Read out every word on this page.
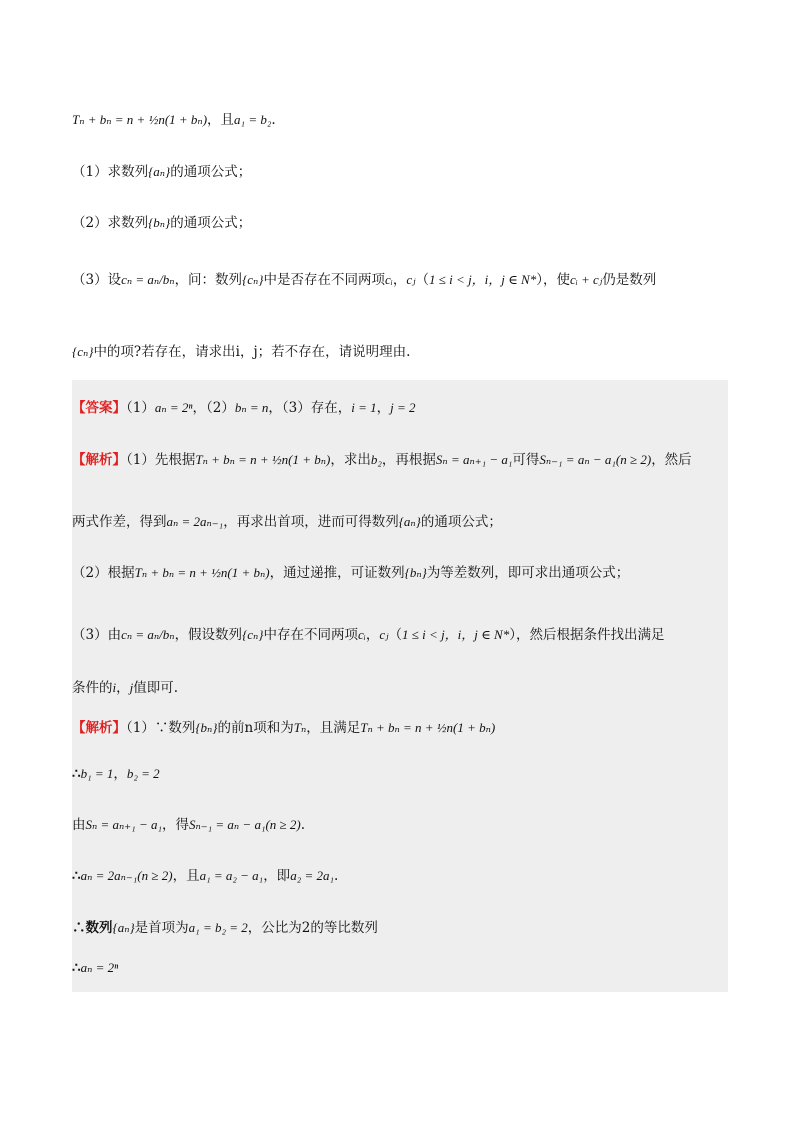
Tₙ + bₙ = n + ½n(1 + bₙ)，且a₁ = b₂.
（1）求数列{aₙ}的通项公式；
（2）求数列{bₙ}的通项公式；
（3）设cₙ = aₙ/bₙ，问：数列{cₙ}中是否存在不同两项cᵢ，cⱼ（1 ≤ i < j，i，j ∈ N*），使cᵢ + cⱼ仍是数列
{cₙ}中的项?若存在，请求出i，j；若不存在，请说明理由.
【答案】（1）aₙ = 2ⁿ，（2）bₙ = n，（3）存在，i = 1，j = 2
【解析】（1）先根据Tₙ + bₙ = n + ½n(1 + bₙ)，求出b₂，再根据Sₙ = aₙ₊₁ − a₁可得Sₙ₋₁ = aₙ − a₁(n ≥ 2)，然后
两式作差，得到aₙ = 2aₙ₋₁，再求出首项，进而可得数列{aₙ}的通项公式；
（2）根据Tₙ + bₙ = n + ½n(1 + bₙ)，通过递推，可证数列{bₙ}为等差数列，即可求出通项公式；
（3）由cₙ = aₙ/bₙ，假设数列{cₙ}中存在不同两项cᵢ，cⱼ（1 ≤ i < j，i，j ∈ N*），然后根据条件找出满足
条件的i，j值即可.
【解析】（1）∵数列{bₙ}的前n项和为Tₙ，且满足Tₙ + bₙ = n + ½n(1 + bₙ)
∴b₁ = 1，b₂ = 2
由Sₙ = aₙ₊₁ − a₁，得Sₙ₋₁ = aₙ − a₁(n ≥ 2).
∴aₙ = 2aₙ₋₁(n ≥ 2)，且a₁ = a₂ − a₁，即a₂ = 2a₁.
∴数列{aₙ}是首项为a₁ = b₂ = 2，公比为2的等比数列
∴aₙ = 2ⁿ
